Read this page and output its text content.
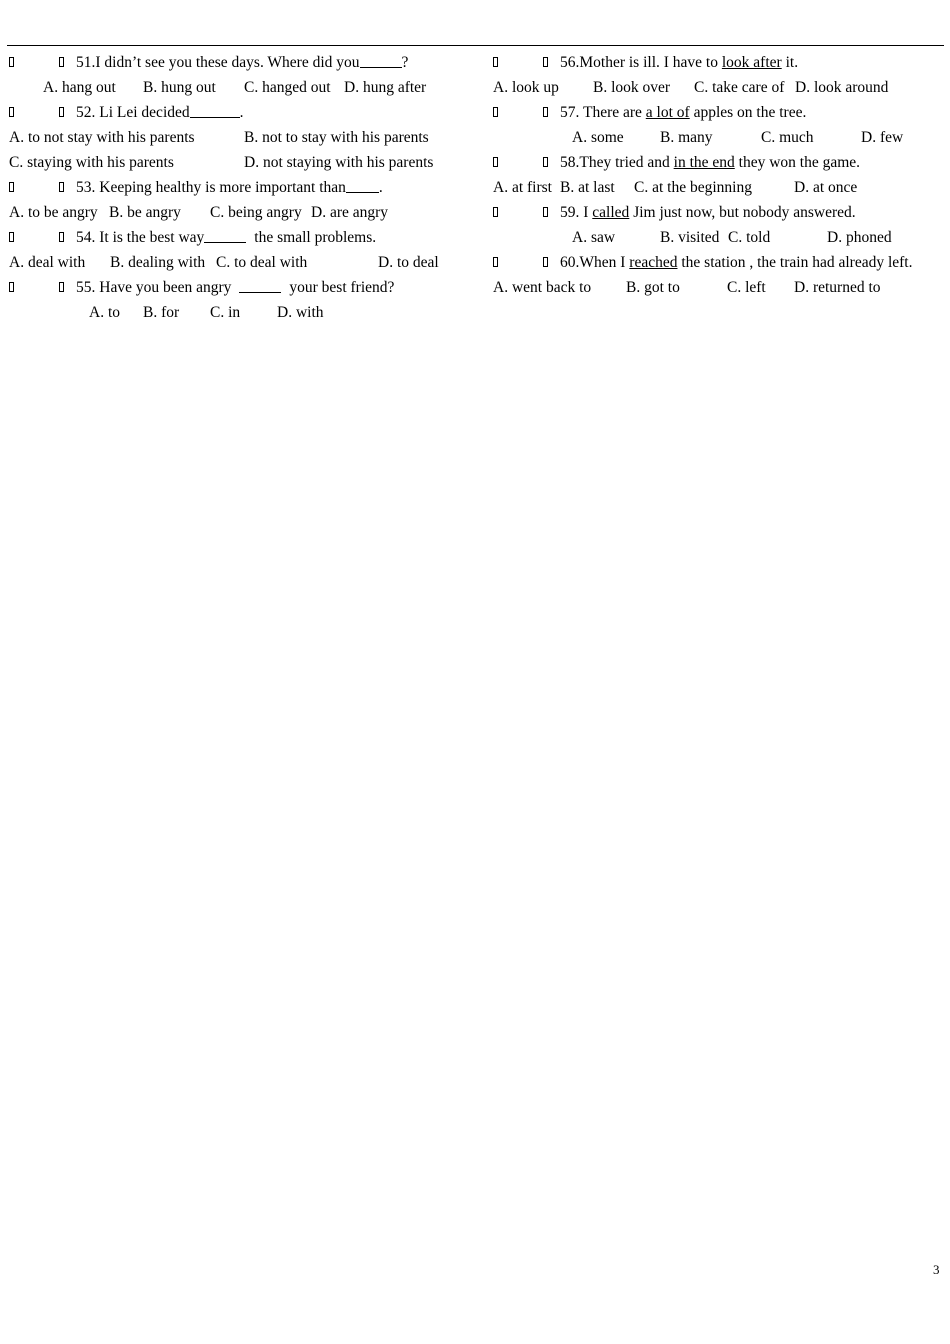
51.I didn’t see you these days. Where did you	?
A. hang out B. hung out C. hanged out D. hung after
52. Li Lei decided	.
A. to not stay with his parents	B. not to stay with his parents
C. staying with his parents	D. not staying with his parents
53. Keeping healthy is more important than .
A. to be angry B. be angry C. being angry D. are angry
54. It is the best way	the small problems.
A. deal with B. dealing with C. to deal with	D. to deal
55. Have you been angry	your best friend?
A. to B. for C. in D. with
56.Mother is ill. I have to look after it.
A. look up B. look over C. take care of D. look around
57. There are a lot of apples on the tree.
A. some B. many	C. much	D. few
58.They tried and in the end they won the game.
A. at first B. at last C. at the beginning	D. at once
59. I called Jim just now, but nobody answered.
A. saw	B. visited C. told	D. phoned
60.When I reached the station , the train had already left.
A. went back to B. got to	C. left D. returned to
3
